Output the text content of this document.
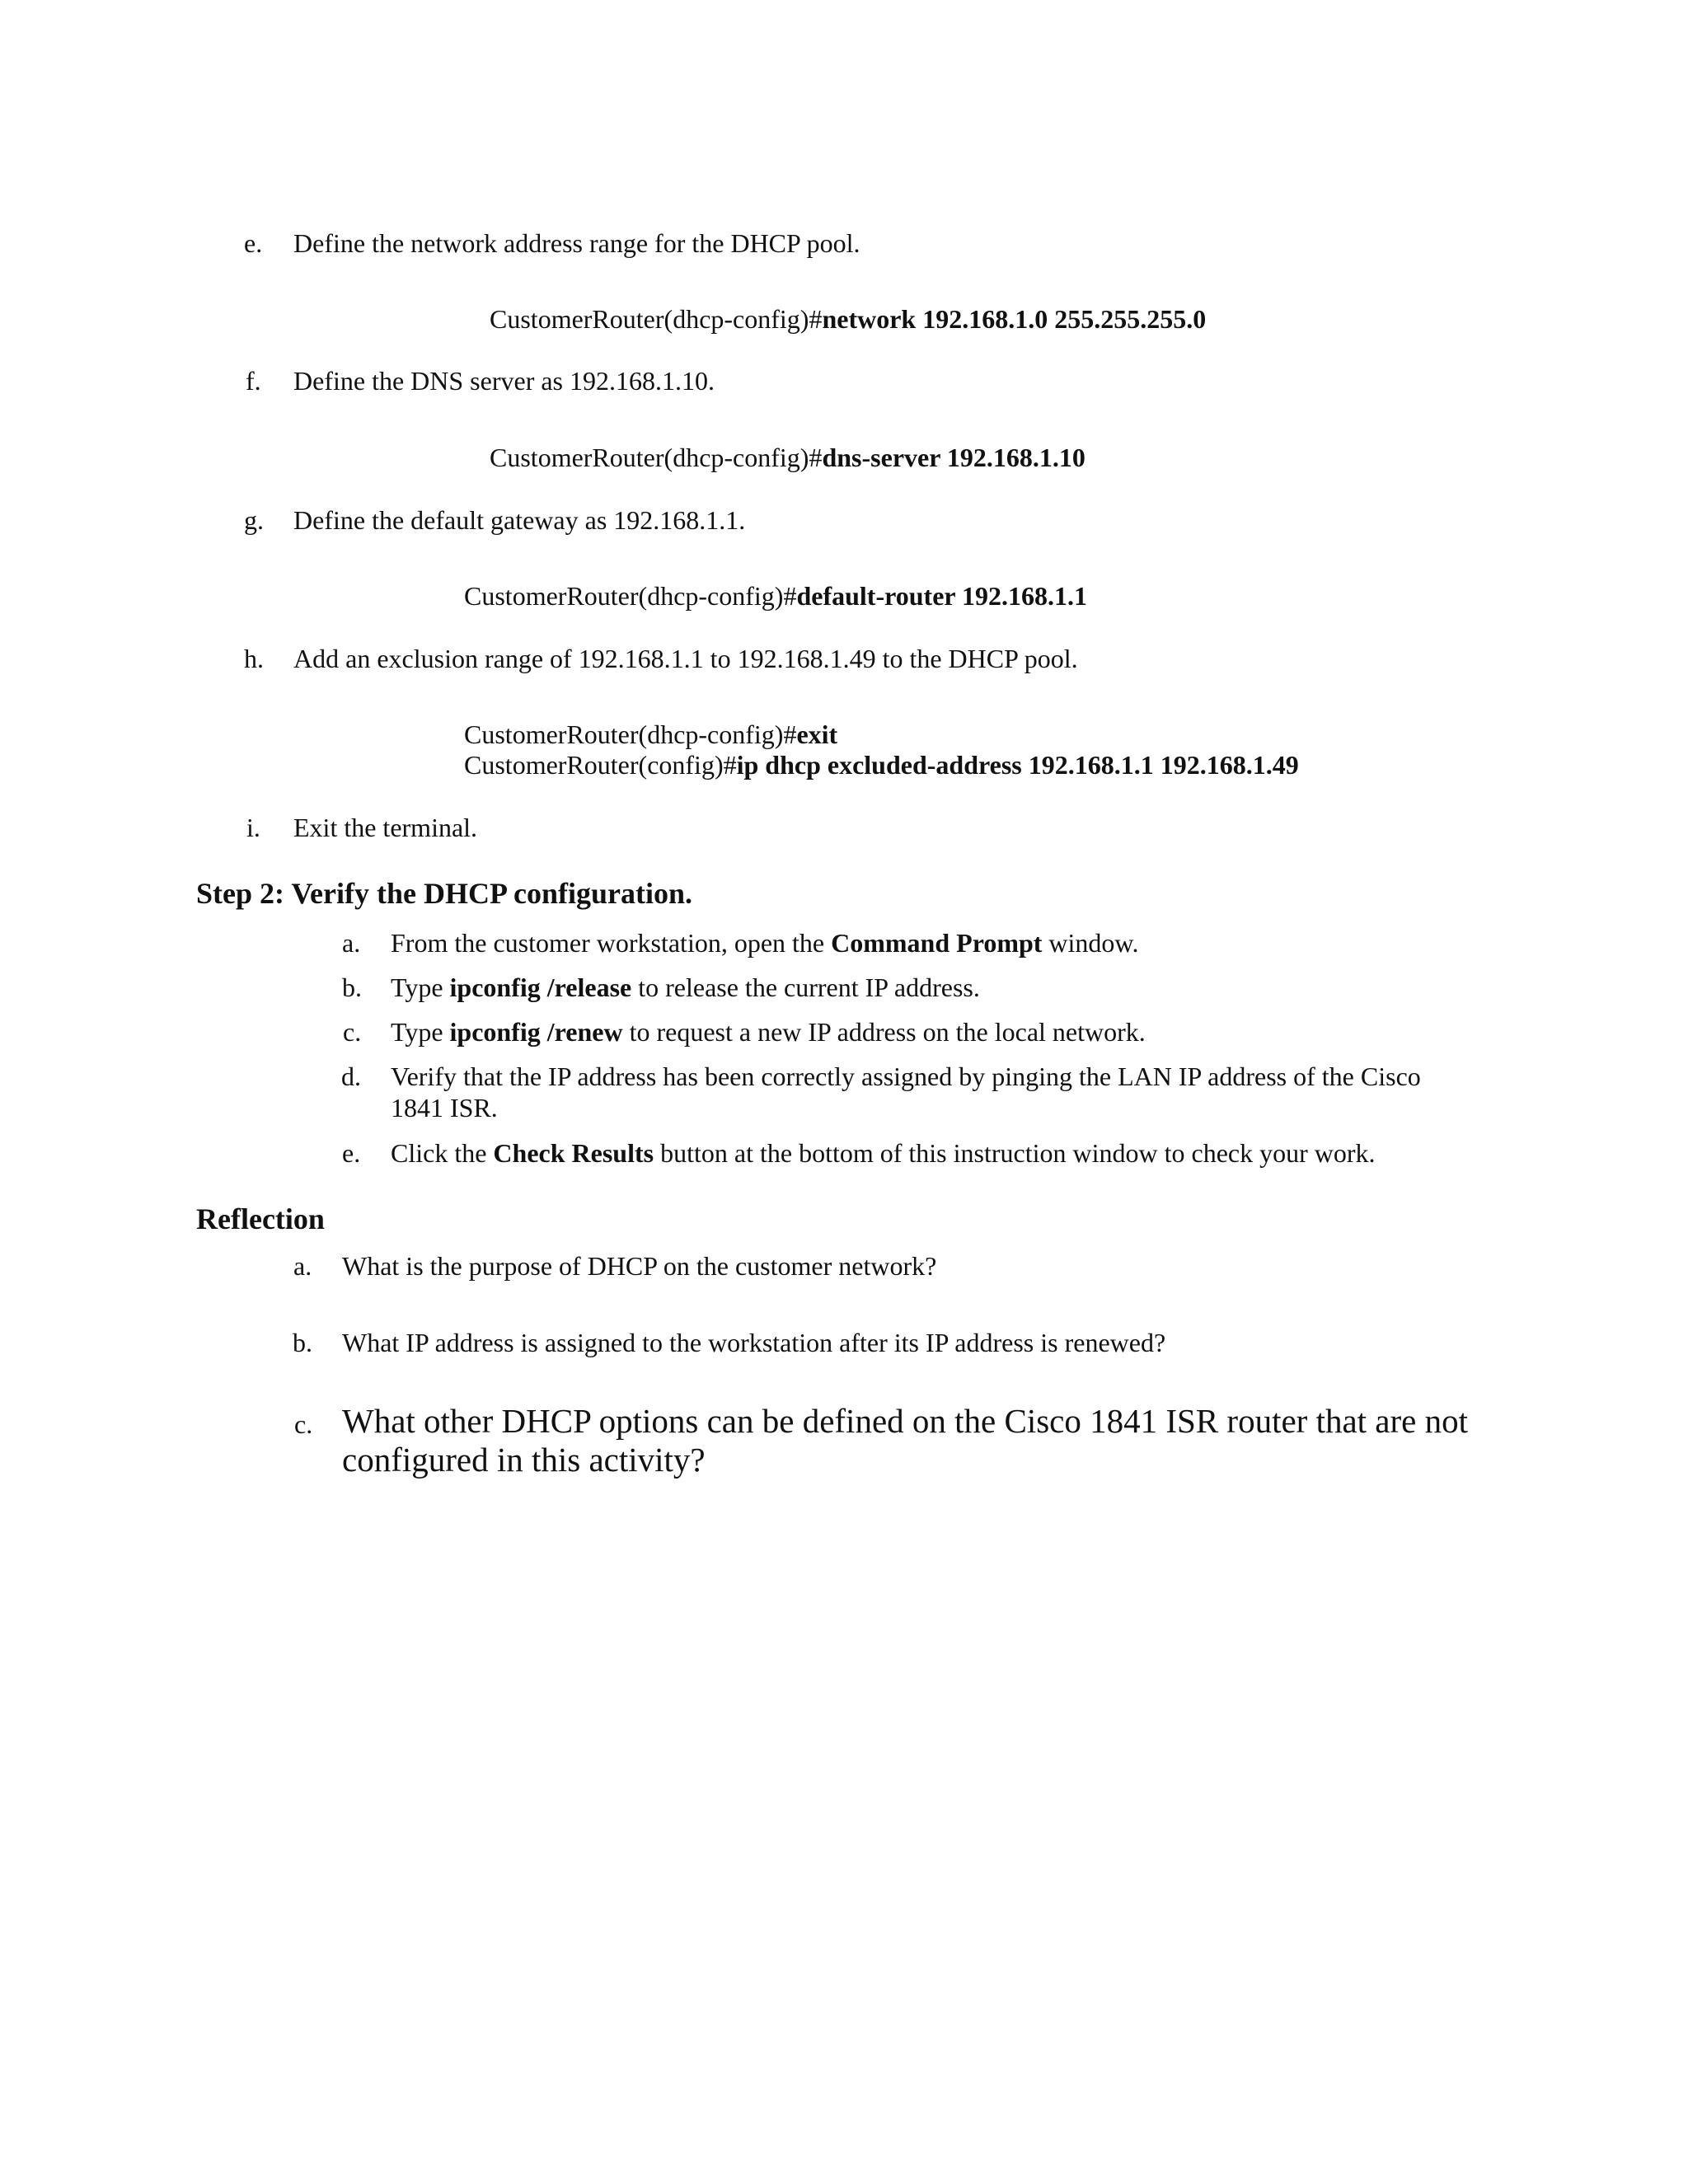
e. Define the network address range for the DHCP pool.
CustomerRouter(dhcp-config)#network 192.168.1.0 255.255.255.0
f. Define the DNS server as 192.168.1.10.
CustomerRouter(dhcp-config)#dns-server 192.168.1.10
g. Define the default gateway as 192.168.1.1.
CustomerRouter(dhcp-config)#default-router 192.168.1.1
h. Add an exclusion range of 192.168.1.1 to 192.168.1.49 to the DHCP pool.
CustomerRouter(dhcp-config)#exit
CustomerRouter(config)#ip dhcp excluded-address 192.168.1.1 192.168.1.49
i. Exit the terminal.
Step 2: Verify the DHCP configuration.
a. From the customer workstation, open the Command Prompt window.
b. Type ipconfig /release to release the current IP address.
c. Type ipconfig /renew to request a new IP address on the local network.
d. Verify that the IP address has been correctly assigned by pinging the LAN IP address of the Cisco
1841 ISR.
e. Click the Check Results button at the bottom of this instruction window to check your work.
Reflection
a. What is the purpose of DHCP on the customer network?
b. What IP address is assigned to the workstation after its IP address is renewed?
c. What other DHCP options can be defined on the Cisco 1841 ISR router that are not
configured in this activity?
